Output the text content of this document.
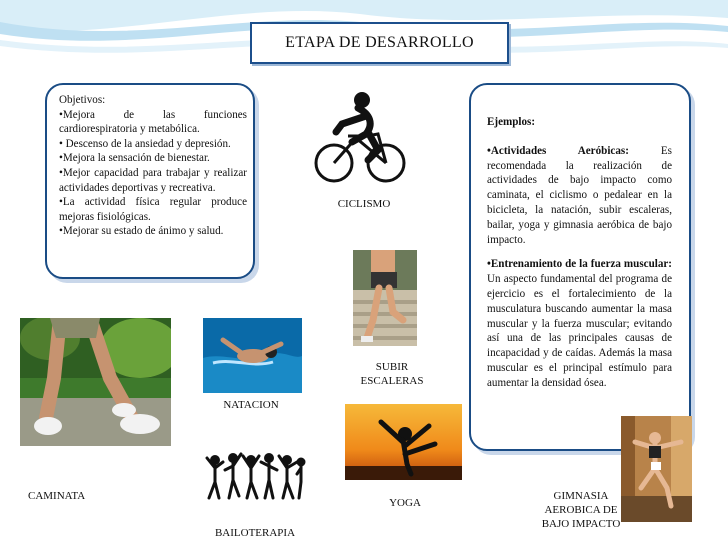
ETAPA DE DESARROLLO

Objetivos:

•Mejora de las funciones cardiorespiratoria y metabólica.

• Descenso de la ansiedad y depresión.

•Mejora la sensación de bienestar.

•Mejor capacidad para trabajar y realizar actividades deportivas y recreativa.

•La actividad física regular produce mejoras fisiológicas.

•Mejorar su estado de ánimo y salud.

Ejemplos:

•Actividades Aeróbicas: Es recomendada la realización de actividades de bajo impacto como caminata, el ciclismo o pedalear en la bicicleta, la natación, subir escaleras, bailar, yoga y gimnasia aeróbica de bajo impacto.

•Entrenamiento de la fuerza muscular: Un aspecto fundamental del programa de ejercicio es el fortalecimiento de la musculatura buscando aumentar la masa muscular y la fuerza muscular; evitando así una de las principales causas de incapacidad y de caídas. Además la masa muscular es el principal estímulo para aumentar la densidad ósea.

CICLISMO
SUBIR
ESCALERAS
CAMINATA
NATACION
YOGA
BAILOTERAPIA
GIMNASIA
AEROBICA DE
BAJO IMPACTO
